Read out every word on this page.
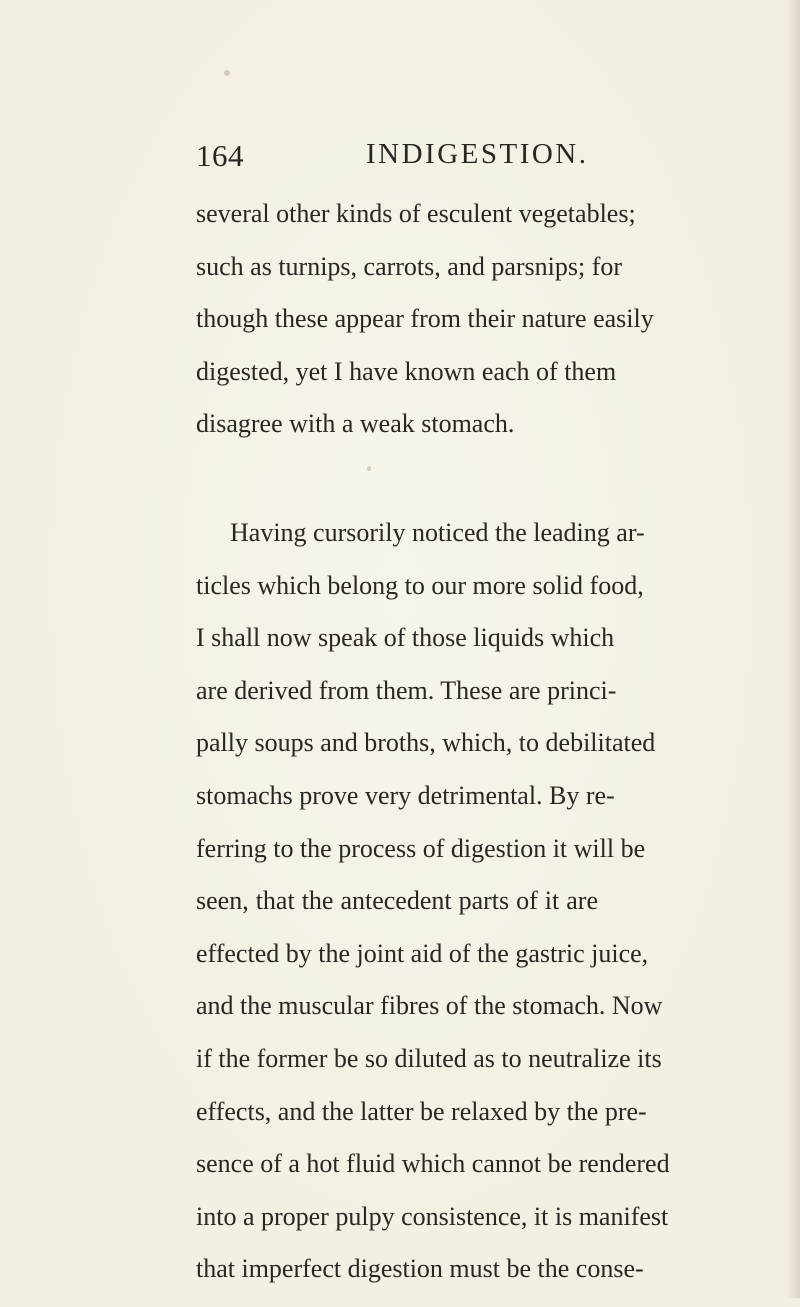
164	INDIGESTION.
several other kinds of esculent vegetables;
such as turnips, carrots, and parsnips; for
though these appear from their nature easily
digested, yet I have known each of them
disagree with a weak stomach.
Having cursorily noticed the leading ar-
ticles which belong to our more solid food,
I shall now speak of those liquids which
are derived from them. These are princi-
pally soups and broths, which, to debilitated
stomachs prove very detrimental. By re-
ferring to the process of digestion it will be
seen, that the antecedent parts of it are
effected by the joint aid of the gastric juice,
and the muscular fibres of the stomach. Now
if the former be so diluted as to neutralize its
effects, and the latter be relaxed by the pre-
sence of a hot fluid which cannot be rendered
into a proper pulpy consistence, it is manifest
that imperfect digestion must be the conse-
